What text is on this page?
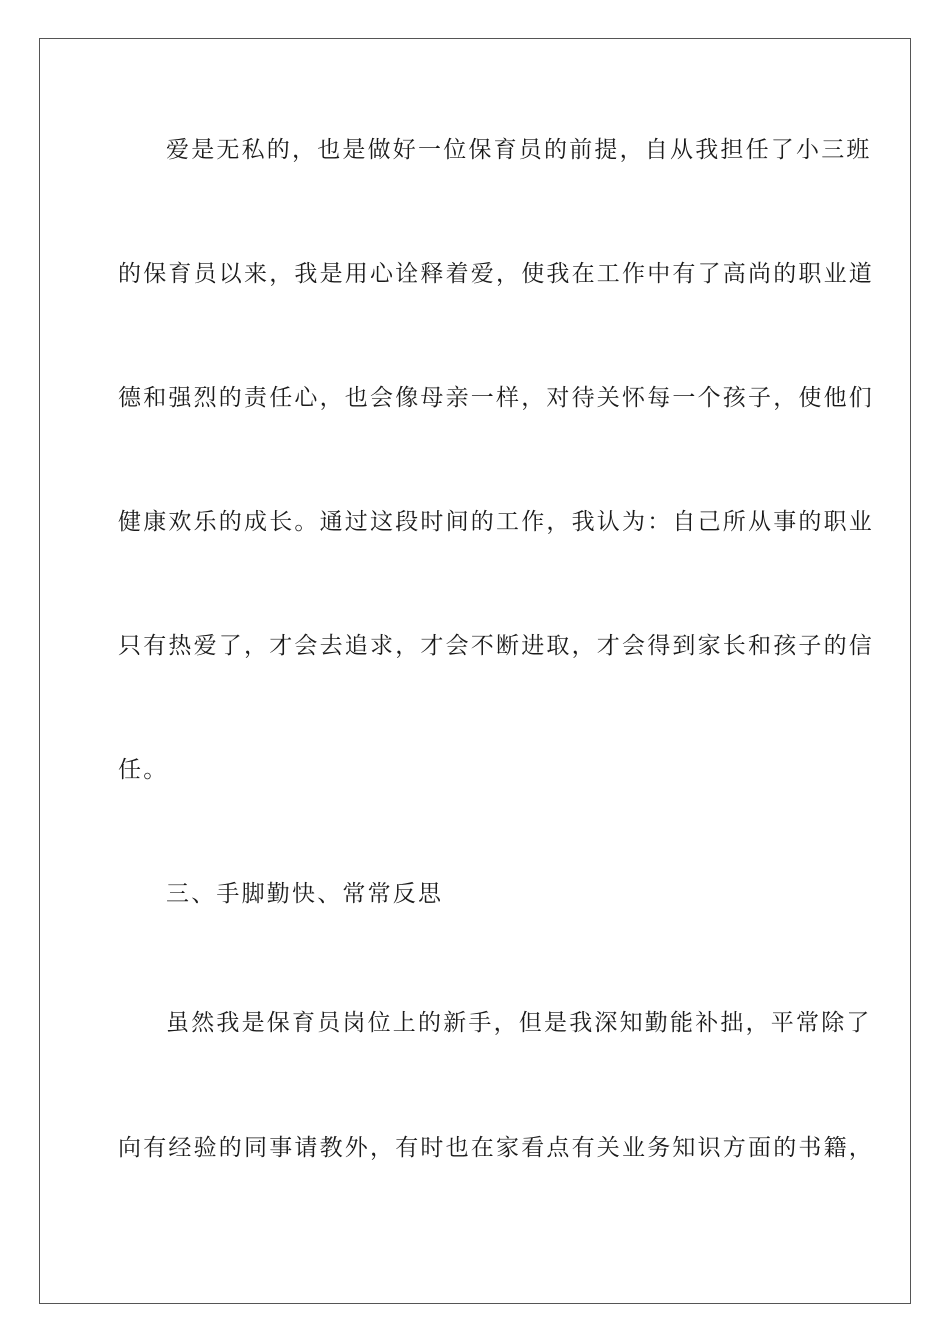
爱是无私的，也是做好一位保育员的前提，自从我担任了小三班
的保育员以来，我是用心诠释着爱，使我在工作中有了高尚的职业道
德和强烈的责任心，也会像母亲一样，对待关怀每一个孩子，使他们
健康欢乐的成长。通过这段时间的工作，我认为：自己所从事的职业
只有热爱了，才会去追求，才会不断进取，才会得到家长和孩子的信
任。
三、手脚勤快、常常反思
虽然我是保育员岗位上的新手，但是我深知勤能补拙，平常除了
向有经验的同事请教外，有时也在家看点有关业务知识方面的书籍，
